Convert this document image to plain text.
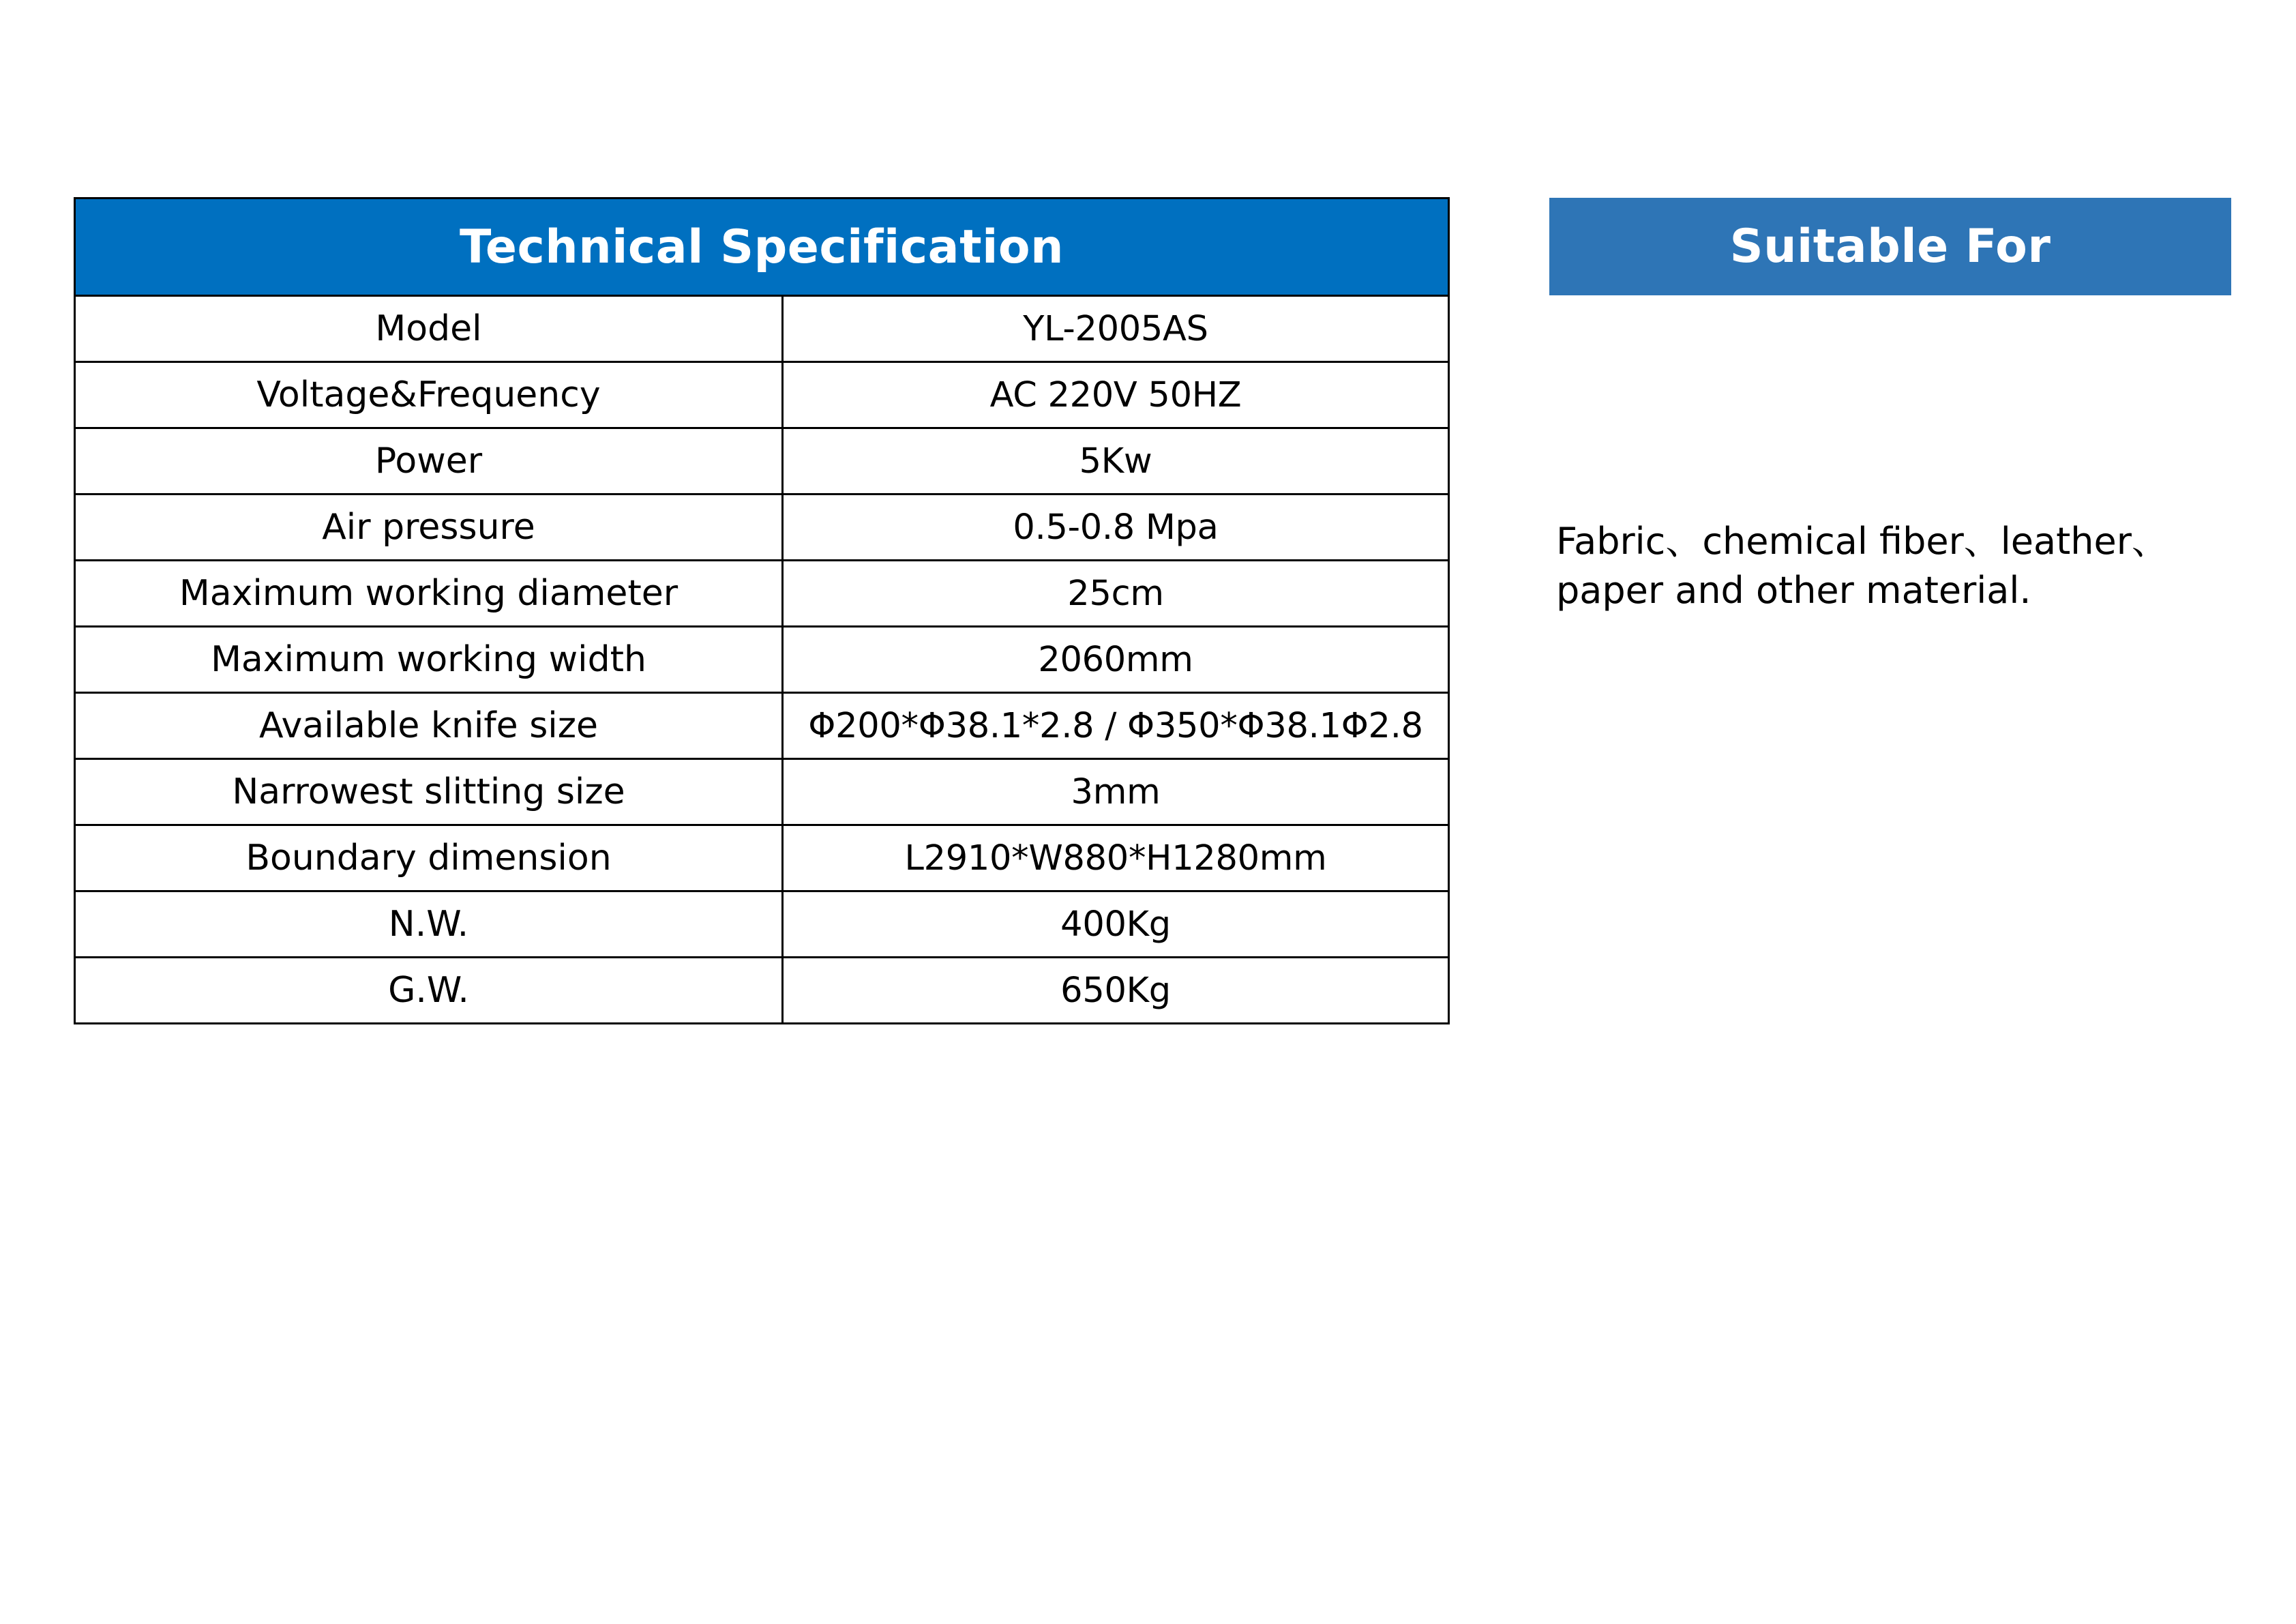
Technical Specification	
Model	YL-2005AS
Voltage&Frequency	AC 220V 50HZ
Power	5Kw
Air pressure	0.5-0.8 Mpa
Maximum working diameter	25cm
Maximum working width	2060mm
Available knife size	Φ200*Φ38.1*2.8 / Φ350*Φ38.1Φ2.8
Narrowest slitting size	3mm
Boundary dimension	L2910*W880*H1280mm
N.W.	400Kg
G.W.	650Kg
Suitable For

Fabric、chemical fiber、leather、
paper and other material.
